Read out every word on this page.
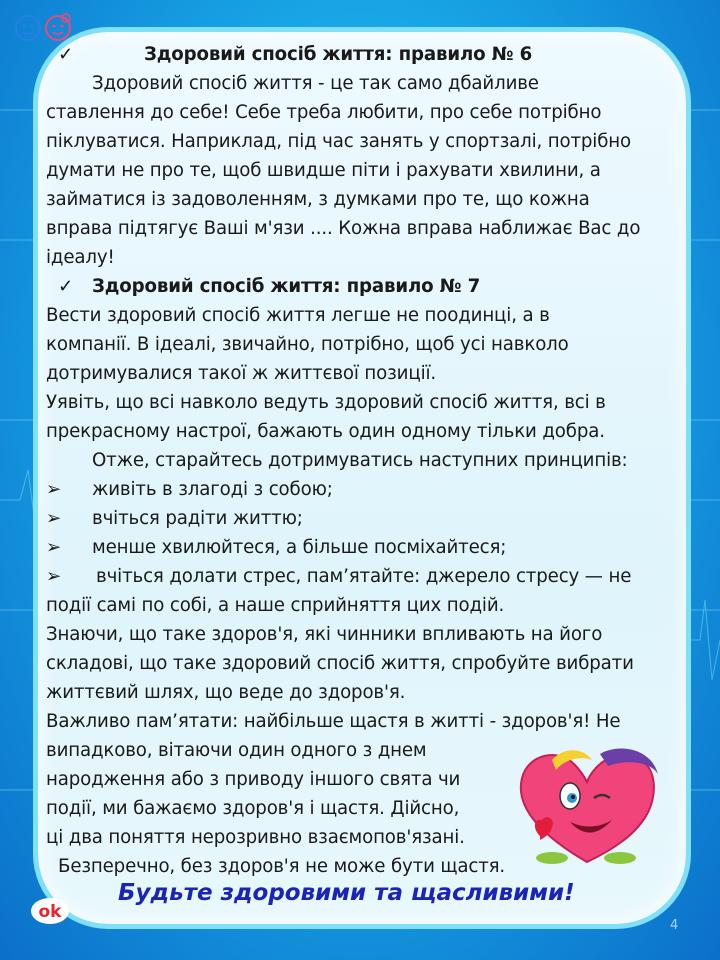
✓	Здоровий спосіб життя: правило № 6
Здоровий спосіб життя - це так само дбайливе
ставлення до себе! Себе треба любити, про себе потрібно
піклуватися. Наприклад, під час занять у спортзалі, потрібно
думати не про те, щоб швидше піти і рахувати хвилини, а
займатися із задоволенням, з думками про те, що кожна
вправа підтягує Ваші м'язи .... Кожна вправа наближає Вас до
ідеалу!
✓ Здоровий спосіб життя: правило № 7
Вести здоровий спосіб життя легше не поодинці, а в
компанії. В ідеалі, звичайно, потрібно, щоб усі навколо
дотримувалися такої ж життєвої позиції.
Уявіть, що всі навколо ведуть здоровий спосіб життя, всі в
прекрасному настрої, бажають один одному тільки добра.
Отже, старайтесь дотримуватись наступних принципів:
➢ живіть в злагоді з собою;
➢ вчіться радіти життю;
➢ менше хвилюйтеся, а більше посміхайтеся;
➢ вчіться долати стрес, пам’ятайте: джерело стресу — не
події самі по собі, а наше сприйняття цих подій.
Знаючи, що таке здоров'я, які чинники впливають на його
складові, що таке здоровий спосіб життя, спробуйте вибрати
життєвий шлях, що веде до здоров'я.
Важливо пам’ятати: найбільше щастя в житті - здоров'я! Не
випадково, вітаючи один одного з днем
народження або з приводу іншого свята чи
події, ми бажаємо здоров'я і щастя. Дійсно,
ці два поняття нерозривно взаємопов'язані.
Безперечно, без здоров'я не може бути щастя.
Будьте здоровими та щасливими!
ok
4
